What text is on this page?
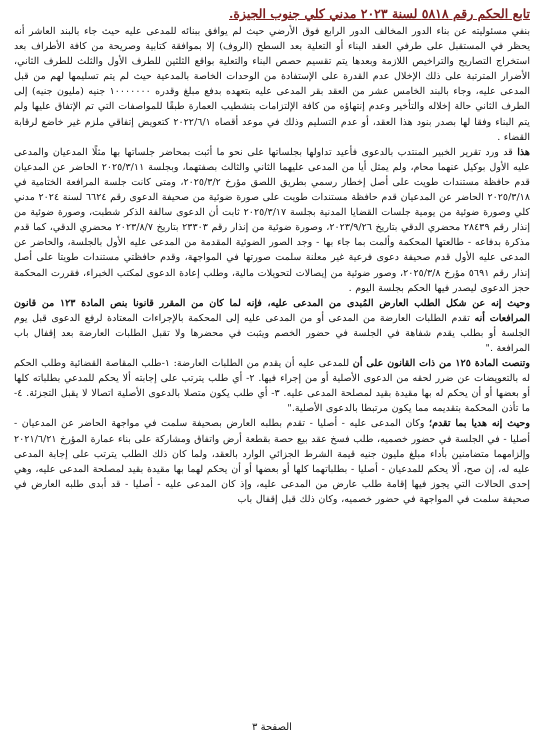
تابع الحكم رقم ٥٨١٨ لسنة ٢٠٢٣ مدني كلي جنوب الجيزة.

بنفي مسئوليته عن بناء الدور المخالف الدور الرابع فوق الأرضي حيث لم يوافق ببنائه للمدعى عليه حيث جاء بالبند العاشر أنه يحظر في المستقبل على طرفي العقد البناء أو التعلية بعد السطح (الروف) إلا بموافقة كتابية وصريحة من كافة الأطراف بعد استخراج التصاريح والتراخيص اللازمة وبعدها يتم تقسيم حصص البناء والتعلية بواقع الثلثين للطرف الأول والثلث للطرف الثاني، الأضرار المترتبة على ذلك الإخلال عدم القدرة على الإستفادة من الوحدات الخاصة بالمدعية حيث لم يتم تسليمها لهم من قبل المدعى عليه، وجاء بالبند الخامس عشر من العقد بقر المدعى عليه بتعهده بدفع مبلغ وقدره ١٠٠٠٠٠٠٠ جنيه (مليون جنيه) إلى الطرف الثاني حالة إخلاله والتأخير وعدم إنتهاؤه من كافة الإلتزامات بتشطيب العمارة طبقًا للمواصفات التي تم الإتفاق عليها ولم يتم البناء وفقا لها بصدر بنود هذا العقد، أو عدم التسليم وذلك في موعد أقصاه ٢٠٢٢/٦/١ كتعويض إتفاقي ملزم غير خاضع لرقابة القضاء .

هذا قد ورد تقرير الخبير المنتدب بالدعوى فأعيد تداولها بجلساتها على نحو ما أثبت بمحاضر جلساتها بها مثلًا المدعيان والمدعى عليه الأول بوكيل عنهما محام، ولم يمثل أيا من المدعى عليهما الثاني والثالث بصفتهما، وبجلسة ٢٠٢٥/٣/١١ الحاضر عن المدعيان قدم حافظة مستندات طويت على أصل إخطار رسمي بطريق اللصق مؤرخ ٢٠٢٥/٣/٢، ومتى كانت جلسة المرافعة الختامية في ٢٠٢٥/٣/١٨ الحاضر عن المدعيان قدم حافظة مستندات طويت على صورة ضوئية من صحيفة الدعوى رقم ٦٦٢٤ لسنة ٢٠٢٤ مدني كلي وصورة ضوئية من يومية جلسات القضايا المدنية بجلسة ٢٠٢٥/٣/١٧ ثابت أن الدعوى سالفة الذكر شطبت، وصورة ضوئية من إنذار رقم ٢٨٤٣٩ محضري الدقي بتاريخ ٢٠٢٣/٩/٢٦، وصورة ضوئية من إنذار رقم ٢٣٣٠٣ بتاريخ ٢٠٢٣/٨/٧ محضري الدقي، كما قدم مذكرة بدفاعه - طالعتها المحكمة وألمت بما جاء بها - وجد الصور الضوئية المقدمة من المدعى عليه الأول بالجلسة، والحاضر عن المدعى عليه الأول قدم صحيفة دعوى فرعية غير معلنة سلمت صورتها في المواجهة، وقدم حافظتي مستندات طويتا على أصل إنذار رقم ٥٦٩١ مؤرخ ٢٠٢٥/٣/٨، وصور ضوئية من إيصالات لتحويلات مالية، وطلب إعادة الدعوى لمكتب الخبراء، فقررت المحكمة حجز الدعوى ليصدر فيها الحكم بجلسة اليوم .

وحيث إنه عن شكل الطلب العارض المُبدى من المدعى عليه، فإنه لما كان من المقرر قانونا بنص المادة ١٢٣ من قانون المرافعات أنه تقدم الطلبات العارضة من المدعى أو من المدعى عليه إلى المحكمة بالإجراءات المعتادة لرفع الدعوى قبل يوم الجلسة أو بطلب يقدم شفاهة في الجلسة في حضور الخصم ويثبت في محضرها ولا تقبل الطلبات العارضة بعد إقفال باب المرافعة ."

وتنصت المادة ١٢٥ من ذات القانون على أن للمدعى عليه أن يقدم من الطلبات العارضة: ١-طلب المقاصة القضائية وطلب الحكم له بالتعويضات عن ضرر لحقه من الدعوى الأصلية أو من إجراء فيها. ٢- أي طلب يترتب على إجابته ألا يحكم للمدعي بطلباته كلها أو بعضها أو أن يحكم له بها مقيدة بقيد لمصلحة المدعى عليه. ٣- أي طلب يكون متصلا بالدعوى الأصلية اتصالا لا يقبل التجزئة. ٤- ما تأذن المحكمة بتقديمه مما يكون مرتبطا بالدعوى الأصلية."

وحيث إنه هديا بما تقدم؛ وكان المدعى عليه - أصليا - تقدم بطلبه العارض بصحيفة سلمت في مواجهة الحاضر عن المدعيان - أصليا - في الجلسة في حضور خصميه، طلب فسخ عقد بيع حصة بقطعة أرض واتفاق ومشاركة على بناء عمارة المؤرخ ٢٠٢١/٦/٢١ وإلزامهما متضامنين بأداء مبلغ مليون جنيه قيمة الشرط الجزائي الوارد بالعقد، ولما كان ذلك الطلب يترتب على إجابة المدعى عليه له، إن صح، ألا يحكم للمدعيان - أصليا - بطلباتهما كلها أو بعضها أو أن يحكم لهما بها مقيدة بقيد لمصلحة المدعى عليه، وهي إحدى الحالات التي يجوز فيها إقامة طلب عارض من المدعى عليه، وإذ كان المدعى عليه - أصليا - قد أبدى طلبه العارض في صحيفة سلمت في المواجهة في حضور خصميه، وكان ذلك قبل إقفال باب

الصفحة ٣
